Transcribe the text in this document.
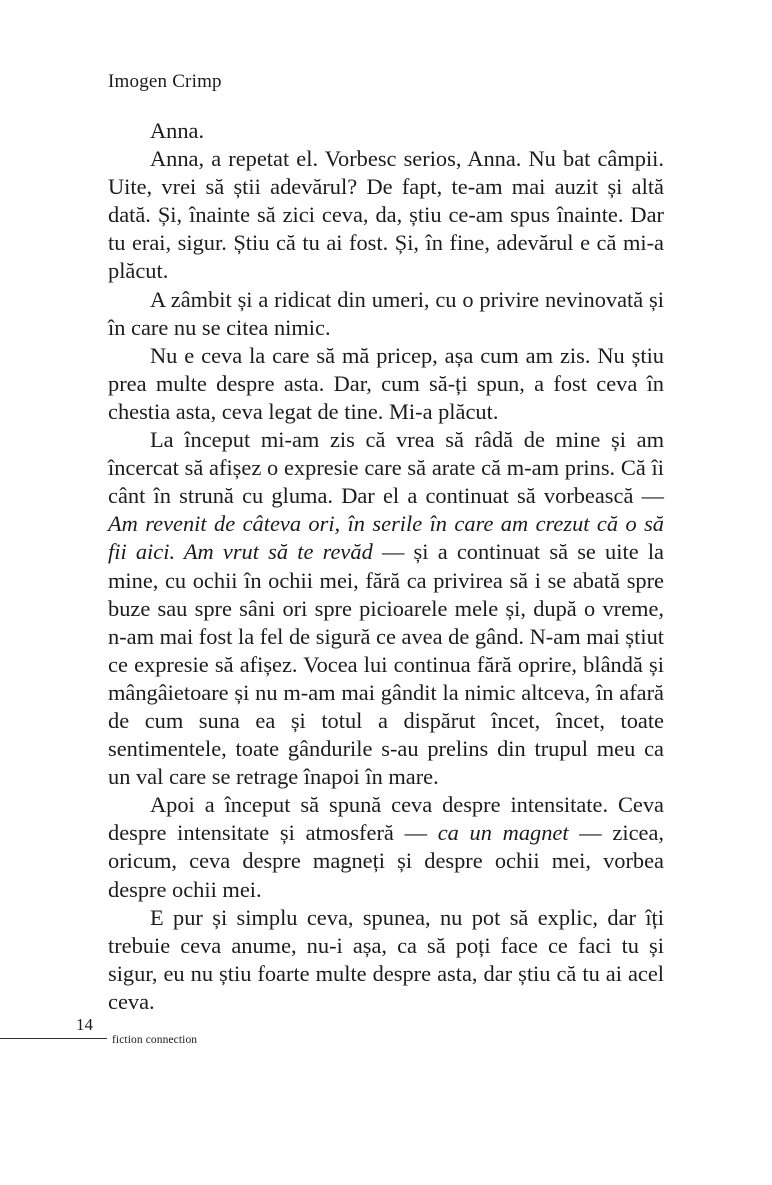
Imogen Crimp

Anna.

Anna, a repetat el. Vorbesc serios, Anna. Nu bat câmpii. Uite, vrei să știi adevărul? De fapt, te-am mai auzit și altă dată. Și, înainte să zici ceva, da, știu ce-am spus înainte. Dar tu erai, sigur. Știu că tu ai fost. Și, în fine, adevărul e că mi-a plăcut.

A zâmbit și a ridicat din umeri, cu o privire nevinovată și în care nu se citea nimic.

Nu e ceva la care să mă pricep, așa cum am zis. Nu știu prea multe despre asta. Dar, cum să-ți spun, a fost ceva în chestia asta, ceva legat de tine. Mi-a plăcut.

La început mi-am zis că vrea să râdă de mine și am încercat să afișez o expresie care să arate că m-am prins. Că îi cânt în strună cu gluma. Dar el a continuat să vorbească — Am revenit de câteva ori, în serile în care am crezut că o să fii aici. Am vrut să te revăd — și a continuat să se uite la mine, cu ochii în ochii mei, fără ca privirea să i se abată spre buze sau spre sâni ori spre picioarele mele și, după o vreme, n-am mai fost la fel de sigură ce avea de gând. N-am mai știut ce expresie să afișez. Vocea lui continua fără oprire, blândă și mângâietoare și nu m-am mai gândit la nimic altceva, în afară de cum suna ea și totul a dispărut încet, încet, toate sentimentele, toate gândurile s-au prelins din trupul meu ca un val care se retrage înapoi în mare.

Apoi a început să spună ceva despre intensitate. Ceva despre intensitate și atmosferă — ca un magnet — zicea, oricum, ceva despre magneți și despre ochii mei, vorbea despre ochii mei.

E pur și simplu ceva, spunea, nu pot să explic, dar îți trebuie ceva anume, nu-i așa, ca să poți face ce faci tu și sigur, eu nu știu foarte multe despre asta, dar știu că tu ai acel ceva.

14
fiction connection
